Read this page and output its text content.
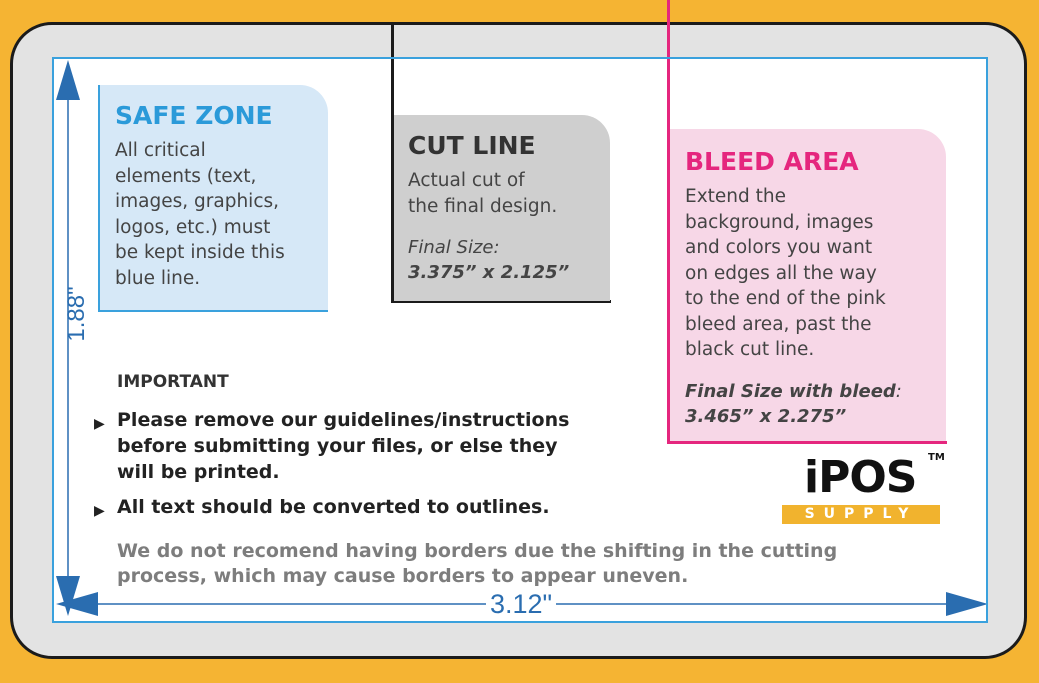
SAFE ZONE
All critical
elements (text,
images, graphics,
logos, etc.) must
be kept inside this
blue line.
CUT LINE
Actual cut of
the final design.
Final Size:
3.375” x 2.125”
BLEED AREA
Extend the
background, images
and colors you want
on edges all the way
to the end of the pink
bleed area, past the
black cut line.
Final Size with bleed:
3.465” x 2.275”
IMPORTANT
▶ Please remove our guidelines/instructions
before submitting your files, or else they
will be printed.
▶ All text should be converted to outlines.
We do not recomend having borders due the shifting in the cutting
process, which may cause borders to appear uneven.
1.88"
3.12"
iPOS TM
SUPPLY
